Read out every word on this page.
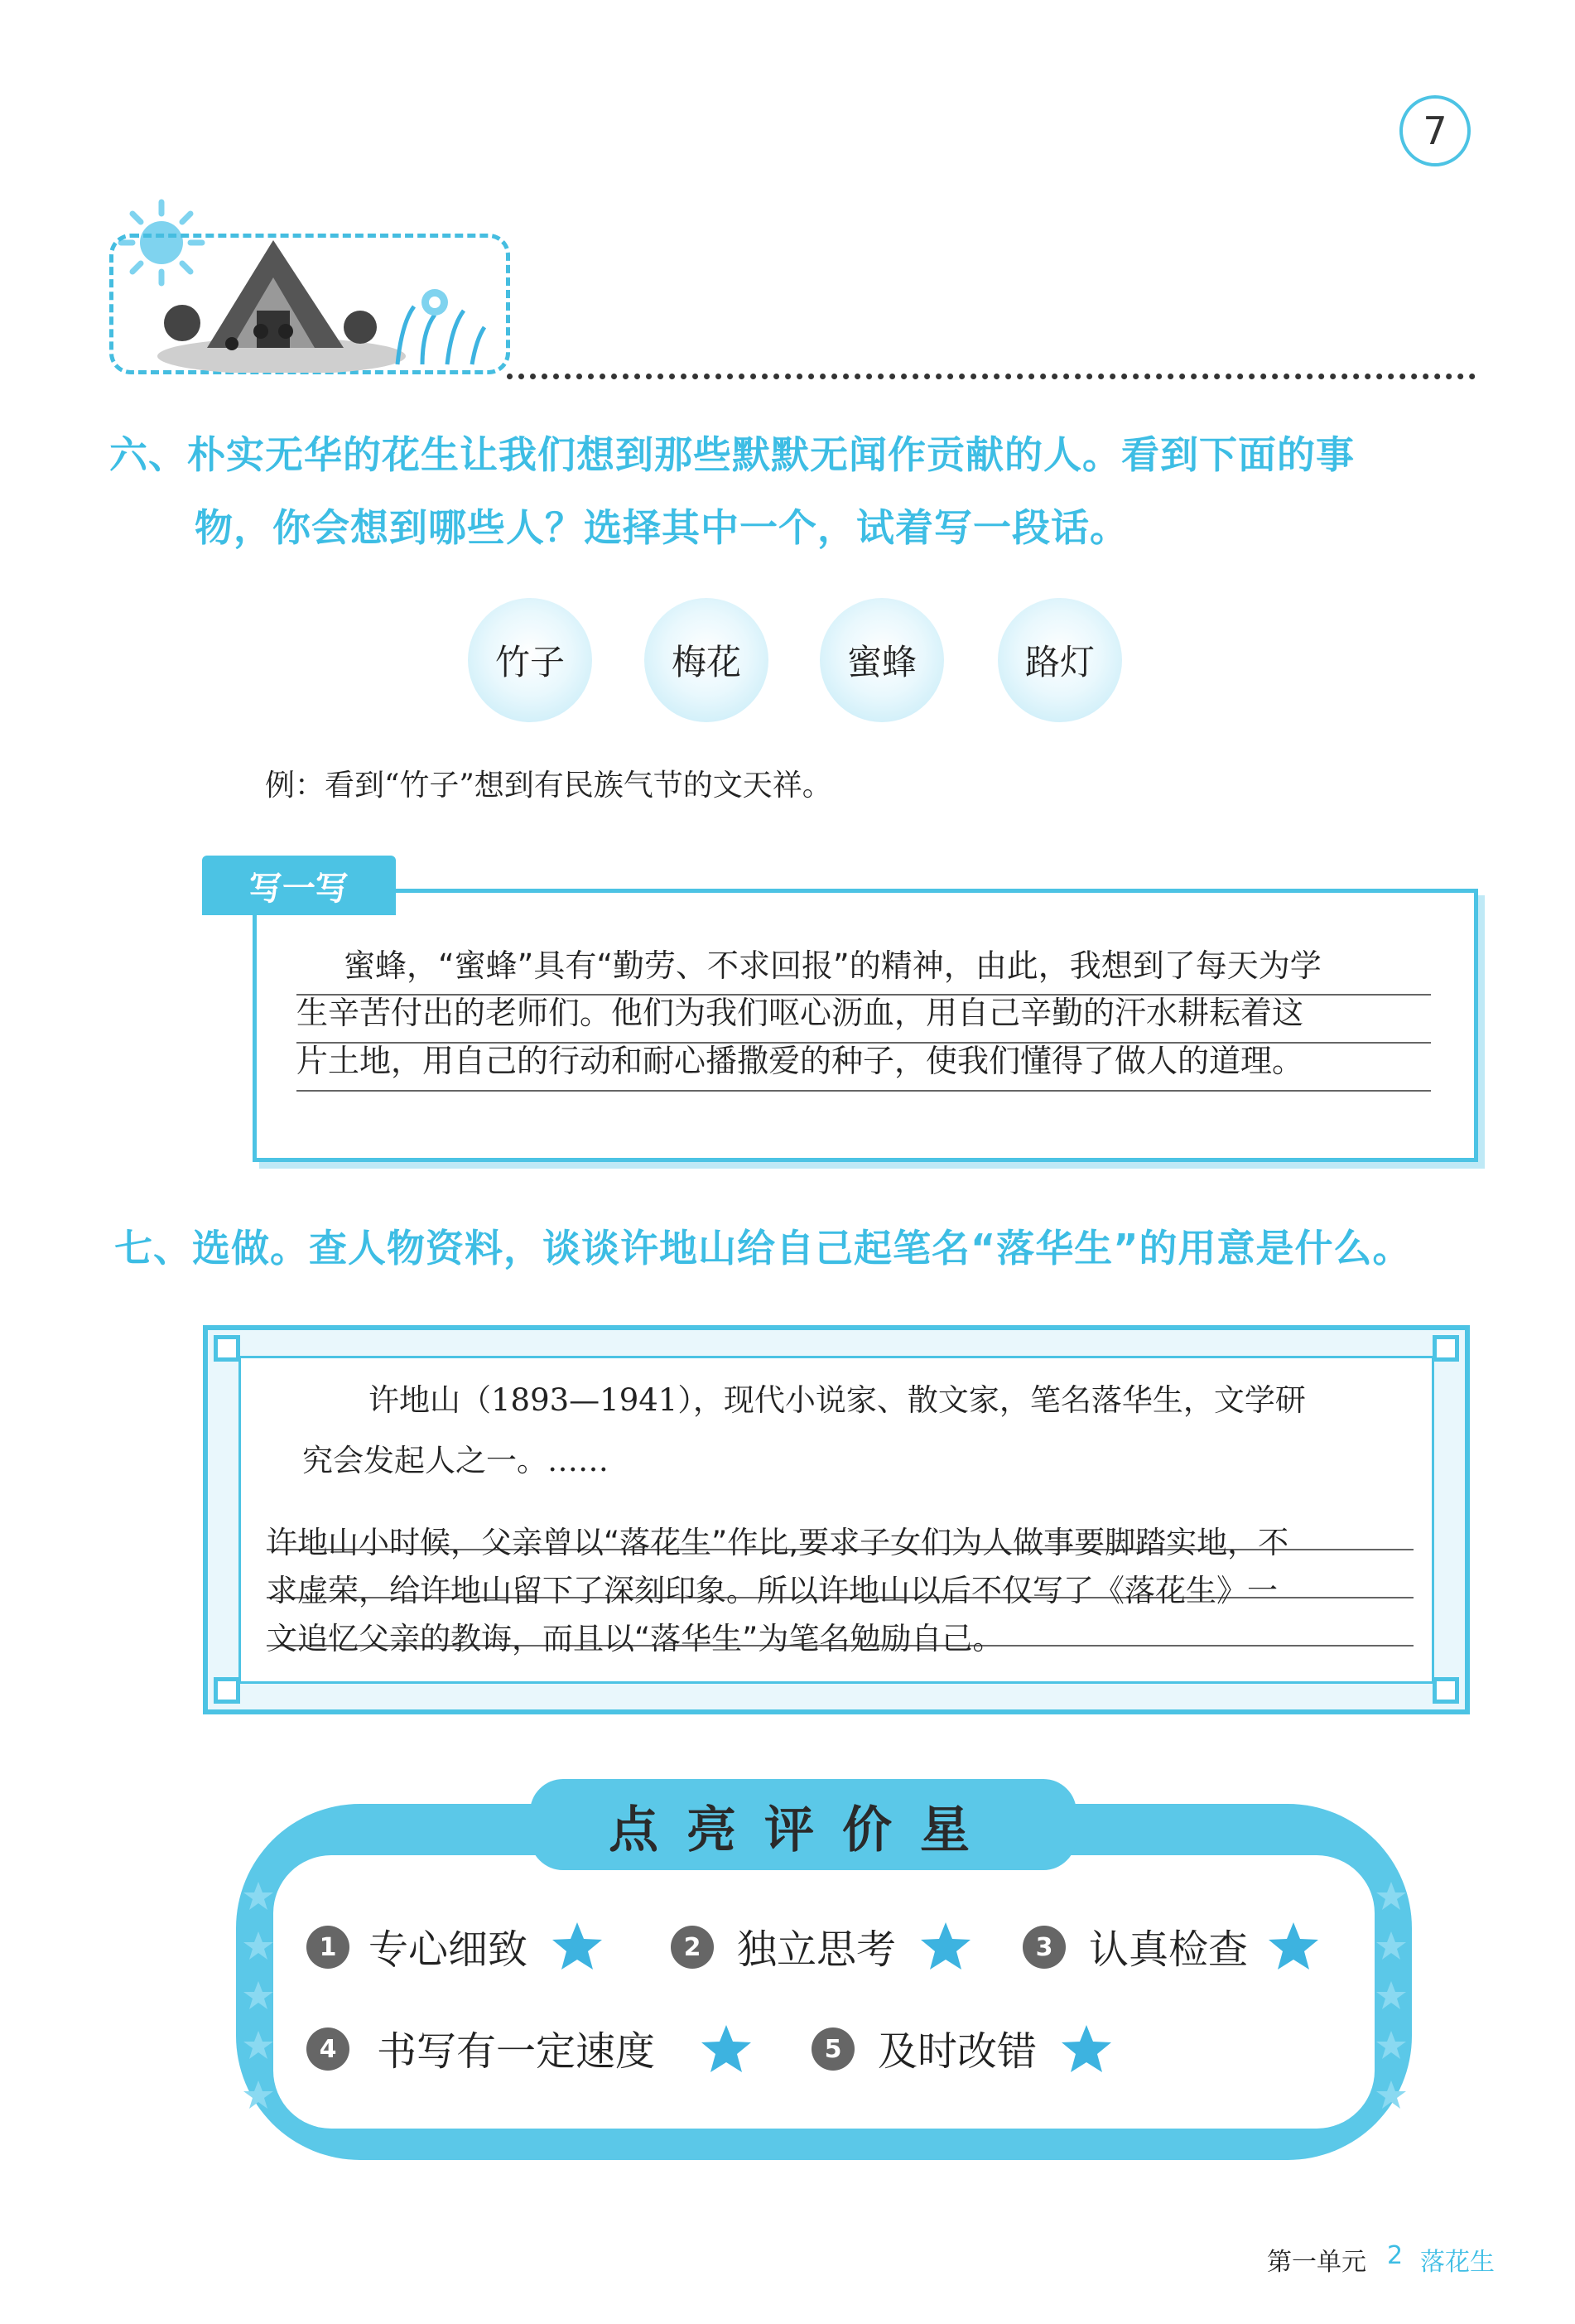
7
六、朴实无华的花生让我们想到那些默默无闻作贡献的人。看到下面的事
物，你会想到哪些人？选择其中一个，试着写一段话。
竹子	梅花	蜜蜂	路灯
例：看到“竹子”想到有民族气节的文天祥。
写一写
蜜蜂，“蜜蜂”具有“勤劳、不求回报”的精神，由此，我想到了每天为学
生辛苦付出的老师们。他们为我们呕心沥血，用自己辛勤的汗水耕耘着这
片土地，用自己的行动和耐心播撒爱的种子，使我们懂得了做人的道理。
七、选做。查人物资料，谈谈许地山给自己起笔名“落华生”的用意是什么。
许地山（1893—1941），现代小说家、散文家，笔名落华生，文学研
究会发起人之一。……
许地山小时候，父亲曾以“落花生”作比,要求子女们为人做事要脚踏实地，不
求虚荣，给许地山留下了深刻印象。所以许地山以后不仅写了《落花生》一
文追忆父亲的教诲，而且以“落华生”为笔名勉励自己。
点亮评价星
1 专心细致	2 独立思考	3 认真检查
4	书写有一定速度	5 及时改错
第一单元 2 落花生
